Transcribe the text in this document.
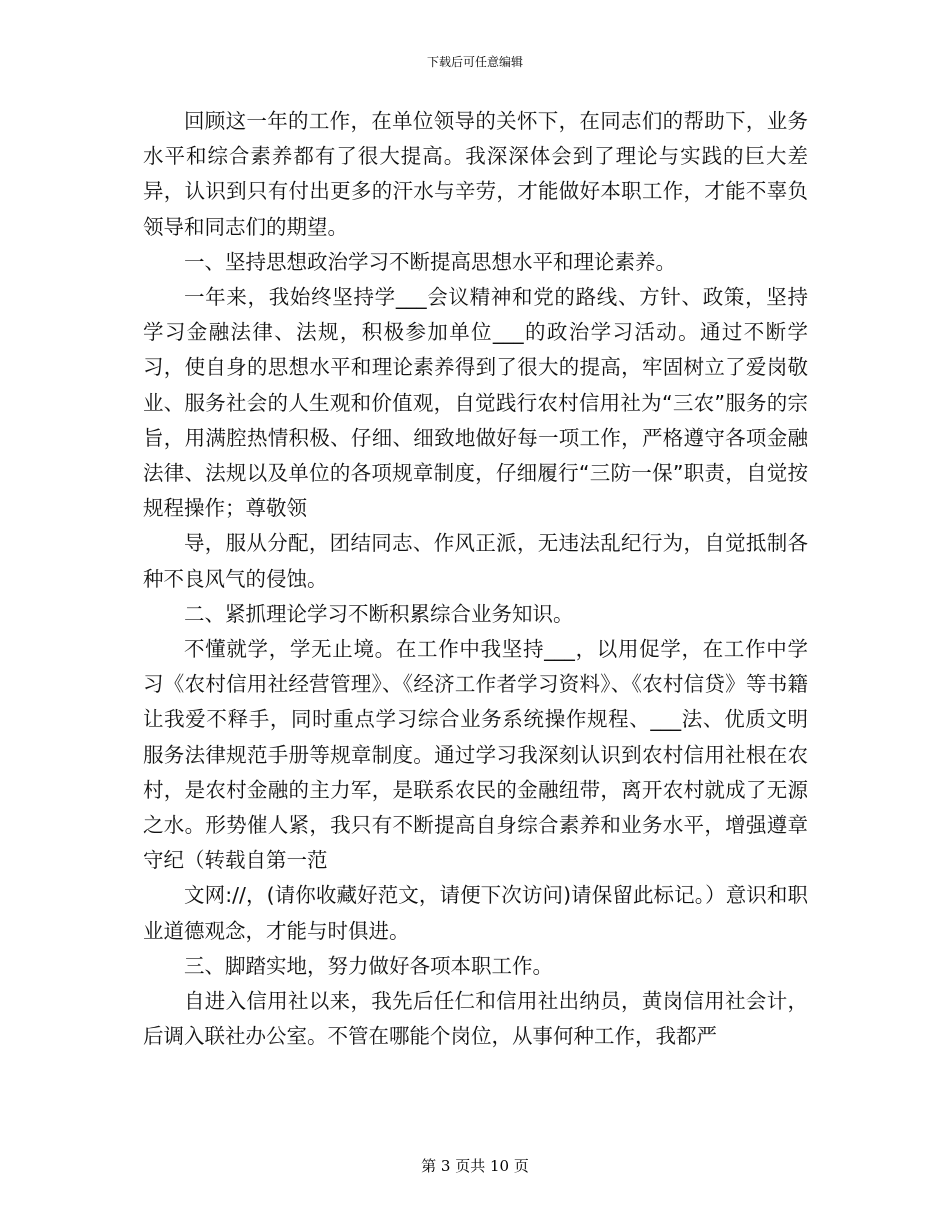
下载后可任意编辑

回顾这一年的工作，在单位领导的关怀下，在同志们的帮助下，业务水平和综合素养都有了很大提高。我深深体会到了理论与实践的巨大差异，认识到只有付出更多的汗水与辛劳，才能做好本职工作，才能不辜负领导和同志们的期望。

一、坚持思想政治学习不断提高思想水平和理论素养。

一年来，我始终坚持学___会议精神和党的路线、方针、政策，坚持学习金融法律、法规，积极参加单位___的政治学习活动。通过不断学习，使自身的思想水平和理论素养得到了很大的提高，牢固树立了爱岗敬业、服务社会的人生观和价值观，自觉践行农村信用社为“三农”服务的宗旨，用满腔热情积极、仔细、细致地做好每一项工作，严格遵守各项金融法律、法规以及单位的各项规章制度，仔细履行“三防一保”职责，自觉按规程操作；尊敬领

导，服从分配，团结同志、作风正派，无违法乱纪行为，自觉抵制各种不良风气的侵蚀。

二、紧抓理论学习不断积累综合业务知识。

不懂就学，学无止境。在工作中我坚持___，以用促学，在工作中学习《农村信用社经营管理》、《经济工作者学习资料》、《农村信贷》等书籍让我爱不释手，同时重点学习综合业务系统操作规程、___法、优质文明服务法律规范手册等规章制度。通过学习我深刻认识到农村信用社根在农村，是农村金融的主力军，是联系农民的金融纽带，离开农村就成了无源之水。形势催人紧，我只有不断提高自身综合素养和业务水平，增强遵章守纪（转载自第一范

文网://，(请你收藏好范文，请便下次访问)请保留此标记。）意识和职业道德观念，才能与时俱进。

三、脚踏实地，努力做好各项本职工作。

自进入信用社以来，我先后任仁和信用社出纳员，黄岗信用社会计，后调入联社办公室。不管在哪能个岗位，从事何种工作，我都严

第 3 页共 10 页
